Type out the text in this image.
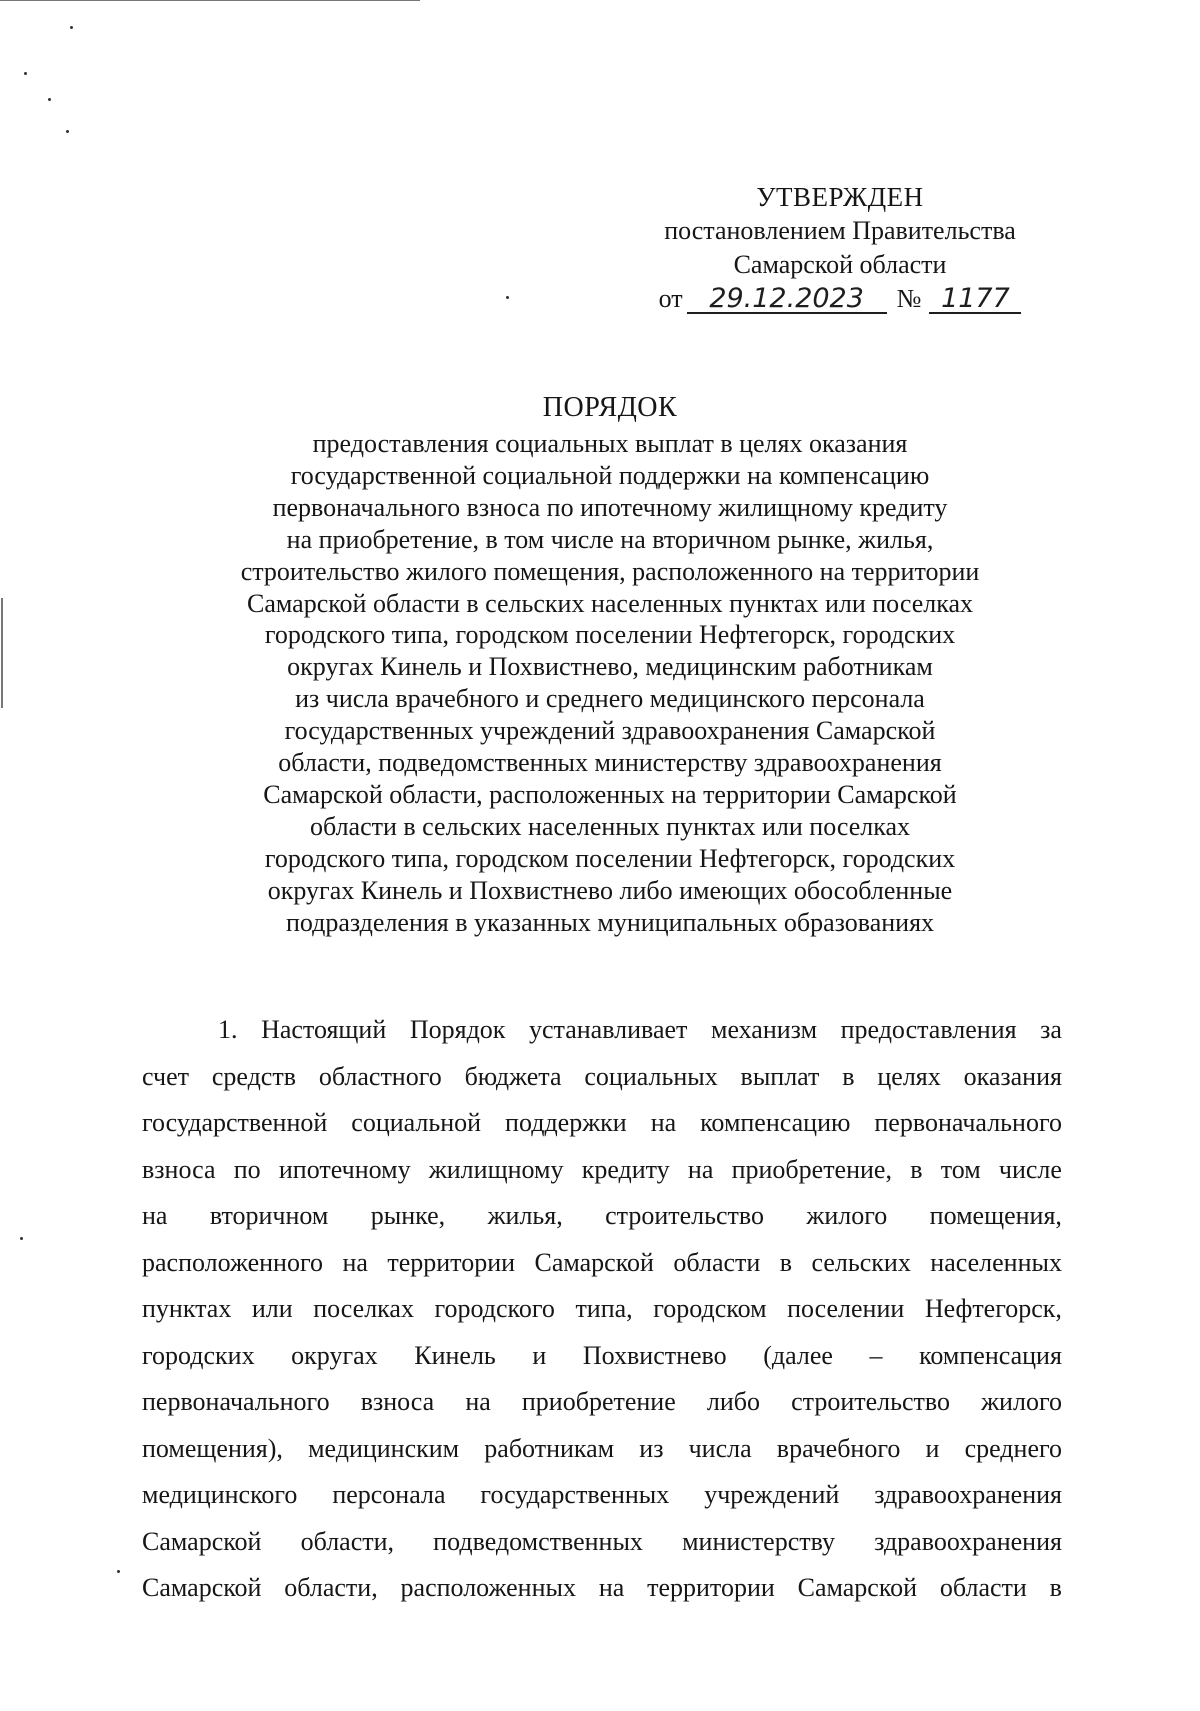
УТВЕРЖДЕН
постановлением Правительства
Самарской области
от 29.12.2023 № 1177
ПОРЯДОК
предоставления социальных выплат в целях оказания
государственной социальной поддержки на компенсацию
первоначального взноса по ипотечному жилищному кредиту
на приобретение, в том числе на вторичном рынке, жилья,
строительство жилого помещения, расположенного на территории
Самарской области в сельских населенных пунктах или поселках
городского типа, городском поселении Нефтегорск, городских
округах Кинель и Похвистнево, медицинским работникам
из числа врачебного и среднего медицинского персонала
государственных учреждений здравоохранения Самарской
области, подведомственных министерству здравоохранения
Самарской области, расположенных на территории Самарской
области в сельских населенных пунктах или поселках
городского типа, городском поселении Нефтегорск, городских
округах Кинель и Похвистнево либо имеющих обособленные
подразделения в указанных муниципальных образованиях
1. Настоящий Порядок устанавливает механизм предоставления за
счет средств областного бюджета социальных выплат в целях оказания
государственной социальной поддержки на компенсацию первоначального
взноса по ипотечному жилищному кредиту на приобретение, в том числе
на вторичном рынке, жилья, строительство жилого помещения,
расположенного на территории Самарской области в сельских населенных
пунктах или поселках городского типа, городском поселении Нефтегорск,
городских округах Кинель и Похвистнево (далее – компенсация
первоначального взноса на приобретение либо строительство жилого
помещения), медицинским работникам из числа врачебного и среднего
медицинского персонала государственных учреждений здравоохранения
Самарской области, подведомственных министерству здравоохранения
Самарской области, расположенных на территории Самарской области в
